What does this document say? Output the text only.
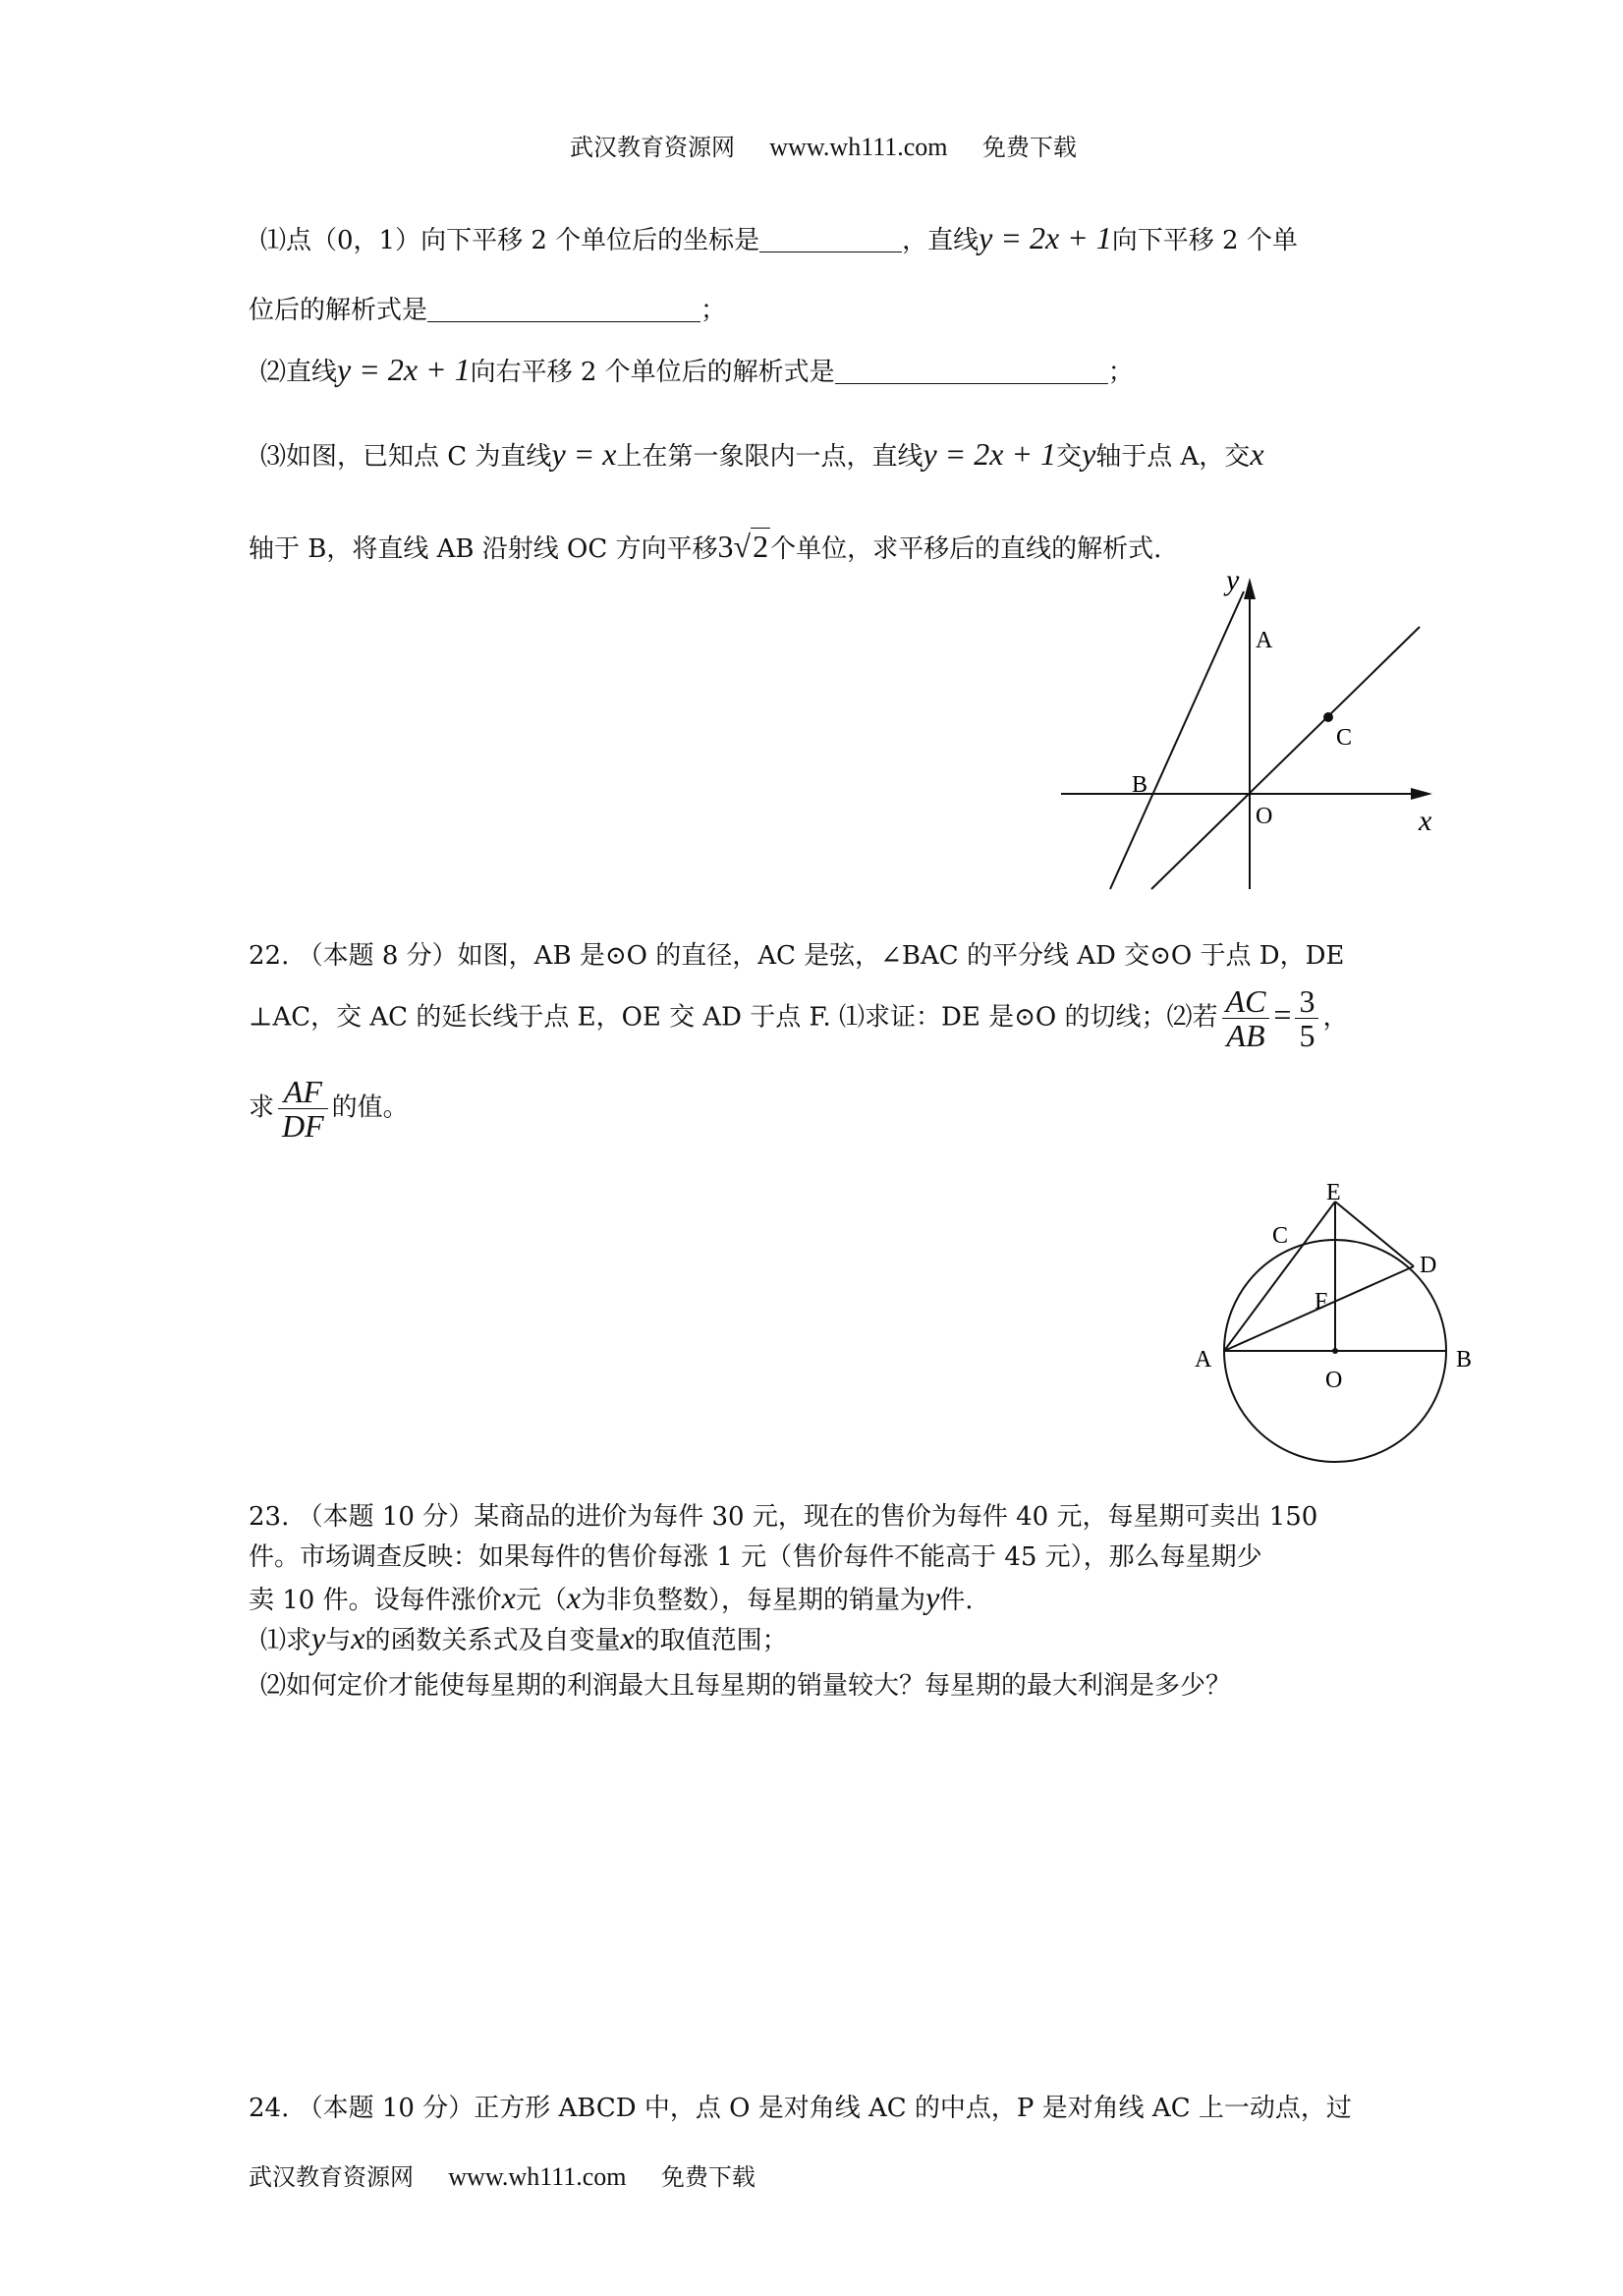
武汉教育资源网 www.wh111.com 免费下载
⑴点（0，1）向下平移 2 个单位后的坐标是	，直线y = 2x + 1向下平移 2 个单
位后的解析式是	；
⑵直线y = 2x + 1向右平移 2 个单位后的解析式是	；
⑶如图，已知点 C 为直线y = x上在第一象限内一点，直线y = 2x + 1交y轴于点 A，交x
轴于 B，将直线 AB 沿射线 OC 方向平移3√2个单位，求平移后的直线的解析式.
y
A
C
B
O	x
22. （本题 8 分）如图，AB 是⊙O 的直径，AC 是弦，∠BAC 的平分线 AD 交⊙O 于点 D，DE
⊥AC，交 AC 的延长线于点 E，OE 交 AD 于点 F. ⑴求证：DE 是⊙O 的切线；⑵若 $\frac{AC}{AB} = \frac{3}{5}$ ，
求 $\frac{AF}{DF}$ 的值。
E
C
D
F
A
O
B
23. （本题 10 分）某商品的进价为每件 30 元，现在的售价为每件 40 元，每星期可卖出 150
件。市场调查反映：如果每件的售价每涨 1 元（售价每件不能高于 45 元），那么每星期少
卖 10 件。设每件涨价x元（x为非负整数），每星期的销量为y件.
⑴求y与x的函数关系式及自变量x的取值范围；
⑵如何定价才能使每星期的利润最大且每星期的销量较大？每星期的最大利润是多少？
24. （本题 10 分）正方形 ABCD 中，点 O 是对角线 AC 的中点，P 是对角线 AC 上一动点，过
武汉教育资源网 www.wh111.com 免费下载
